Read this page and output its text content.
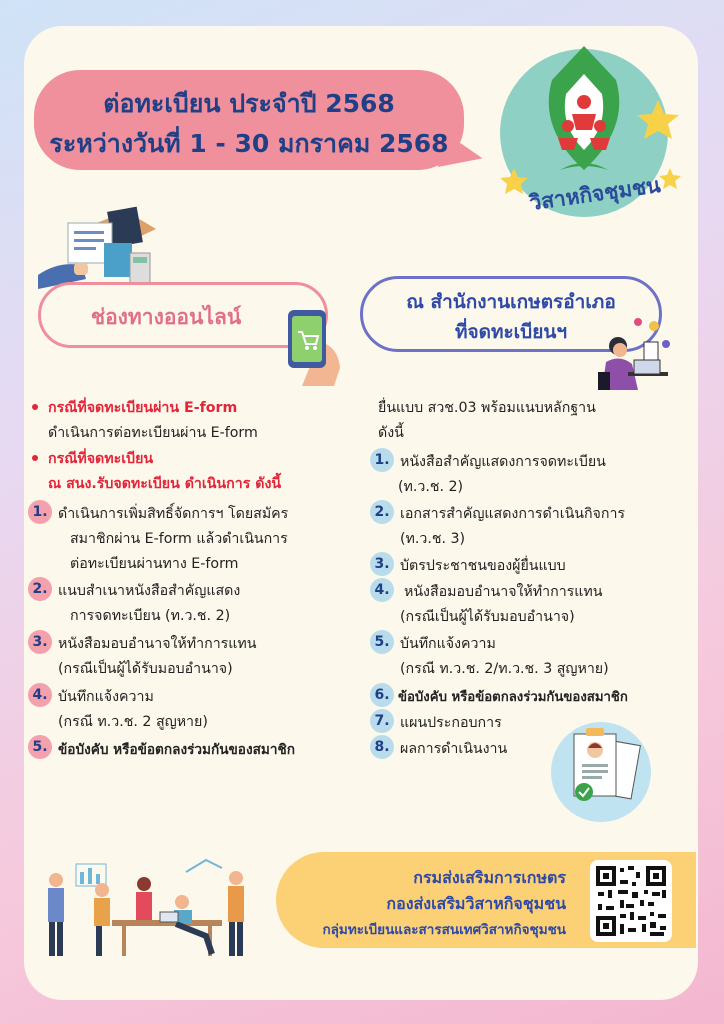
ต่อทะเบียน ประจำปี 2568
ระหว่างวันที่ 1 - 30 มกราคม 2568
วิสาหกิจชุมชน
ช่องทางออนไลน์
ณ สำนักงานเกษตรอำเภอ
ที่จดทะเบียนฯ
กรณีที่จดทะเบียนผ่าน E-form
ดำเนินการต่อทะเบียนผ่าน E-form
กรณีที่จดทะเบียน
ณ สนง.รับจดทะเบียน ดำเนินการ ดังนี้
1. ดำเนินการเพิ่มสิทธิ์จัดการฯ โดยสมัคร
สมาชิกผ่าน E-form แล้วดำเนินการ
ต่อทะเบียนผ่านทาง E-form
2. แนบสำเนาหนังสือสำคัญแสดง
การจดทะเบียน (ท.ว.ช. 2)
3. หนังสือมอบอำนาจให้ทำการแทน
(กรณีเป็นผู้ได้รับมอบอำนาจ)
4. บันทึกแจ้งความ
(กรณี ท.ว.ช. 2 สูญหาย)
5. ข้อบังคับ หรือข้อตกลงร่วมกันของสมาชิก
ยื่นแบบ สวช.03 พร้อมแนบหลักฐาน
ดังนี้
1. หนังสือสำคัญแสดงการจดทะเบียน
(ท.ว.ช. 2)
2. เอกสารสำคัญแสดงการดำเนินกิจการ
(ท.ว.ช. 3)
3. บัตรประชาชนของผู้ยื่นแบบ
4.	หนังสือมอบอำนาจให้ทำการแทน
(กรณีเป็นผู้ได้รับมอบอำนาจ)
5. บันทึกแจ้งความ
(กรณี ท.ว.ช. 2/ท.ว.ช. 3 สูญหาย)
6. ข้อบังคับ หรือข้อตกลงร่วมกันของสมาชิก
7. แผนประกอบการ
8. ผลการดำเนินงาน
กรมส่งเสริมการเกษตร
กองส่งเสริมวิสาหกิจชุมชน
กลุ่มทะเบียนและสารสนเทศวิสาหกิจชุมชน
